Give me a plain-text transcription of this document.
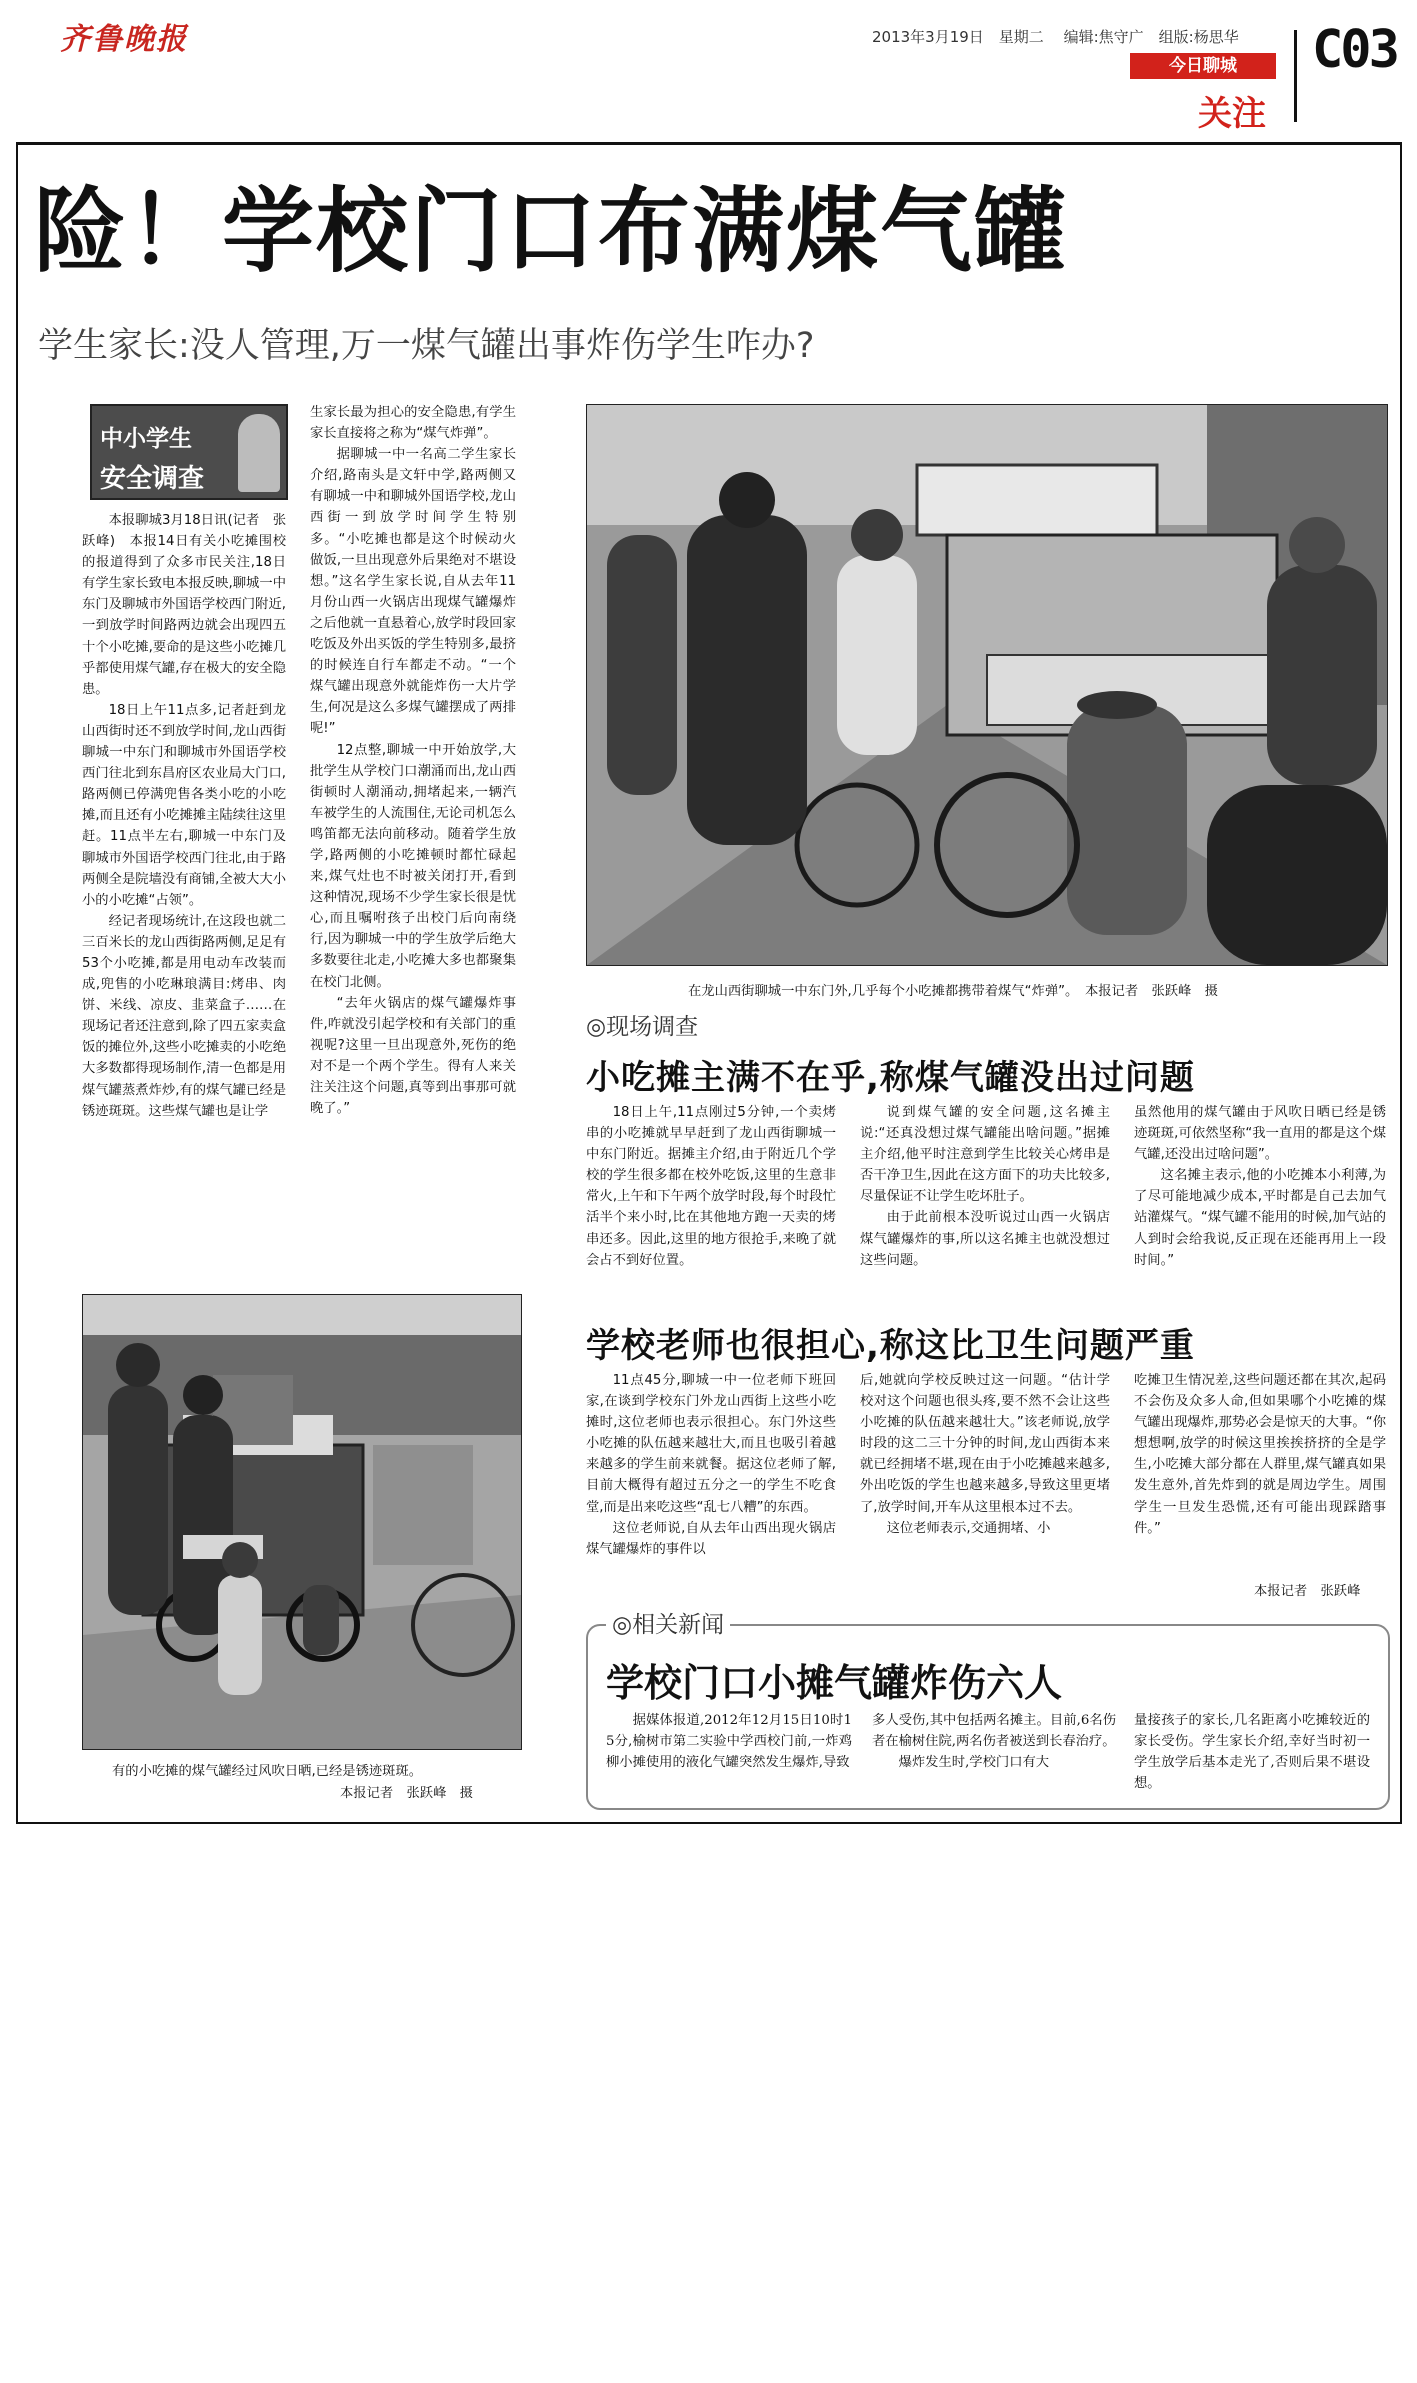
齐鲁晚报	2013年3月19日　星期二　 编辑:焦守广　组版:杨思华
今日聊城
关注
C03
险！学校门口布满煤气罐
学生家长:没人管理,万一煤气罐出事炸伤学生咋办?
中小学生
安全调查

本报聊城3月18日讯(记者　张跃峰)　本报14日有关小吃摊围校的报道得到了众多市民关注,18日有学生家长致电本报反映,聊城一中东门及聊城市外国语学校西门附近,一到放学时间路两边就会出现四五十个小吃摊,要命的是这些小吃摊几乎都使用煤气罐,存在极大的安全隐患。

18日上午11点多,记者赶到龙山西街时还不到放学时间,龙山西街聊城一中东门和聊城市外国语学校西门往北到东昌府区农业局大门口,路两侧已停满兜售各类小吃的小吃摊,而且还有小吃摊摊主陆续往这里赶。11点半左右,聊城一中东门及聊城市外国语学校西门往北,由于路两侧全是院墙没有商铺,全被大大小小的小吃摊“占领”。

经记者现场统计,在这段也就二三百米长的龙山西街路两侧,足足有53个小吃摊,都是用电动车改装而成,兜售的小吃琳琅满目:烤串、肉饼、米线、凉皮、韭菜盒子……在现场记者还注意到,除了四五家卖盒饭的摊位外,这些小吃摊卖的小吃绝大多数都得现场制作,清一色都是用煤气罐蒸煮炸炒,有的煤气罐已经是锈迹斑斑。这些煤气罐也是让学

生家长最为担心的安全隐患,有学生家长直接将之称为“煤气炸弹”。

据聊城一中一名高二学生家长介绍,路南头是文轩中学,路两侧又有聊城一中和聊城外国语学校,龙山西街一到放学时间学生特别多。“小吃摊也都是这个时候动火做饭,一旦出现意外后果绝对不堪设想。”这名学生家长说,自从去年11月份山西一火锅店出现煤气罐爆炸之后他就一直悬着心,放学时段回家吃饭及外出买饭的学生特别多,最挤的时候连自行车都走不动。“一个煤气罐出现意外就能炸伤一大片学生,何况是这么多煤气罐摆成了两排呢!”

12点整,聊城一中开始放学,大批学生从学校门口潮涌而出,龙山西街顿时人潮涌动,拥堵起来,一辆汽车被学生的人流围住,无论司机怎么鸣笛都无法向前移动。随着学生放学,路两侧的小吃摊顿时都忙碌起来,煤气灶也不时被关闭打开,看到这种情况,现场不少学生家长很是忧心,而且嘱咐孩子出校门后向南绕行,因为聊城一中的学生放学后绝大多数要往北走,小吃摊大多也都聚集在校门北侧。

“去年火锅店的煤气罐爆炸事件,咋就没引起学校和有关部门的重视呢?这里一旦出现意外,死伤的绝对不是一个两个学生。得有人来关注关注这个问题,真等到出事那可就晚了。”

在龙山西街聊城一中东门外,几乎每个小吃摊都携带着煤气“炸弹”。　本报记者　张跃峰　摄
◎现场调查
小吃摊主满不在乎,称煤气罐没出过问题

18日上午,11点刚过5分钟,一个卖烤串的小吃摊就早早赶到了龙山西街聊城一中东门附近。据摊主介绍,由于附近几个学校的学生很多都在校外吃饭,这里的生意非常火,上午和下午两个放学时段,每个时段忙活半个来小时,比在其他地方跑一天卖的烤串还多。因此,这里的地方很抢手,来晚了就会占不到好位置。

说到煤气罐的安全问题,这名摊主说:“还真没想过煤气罐能出啥问题。”据摊主介绍,他平时注意到学生比较关心烤串是否干净卫生,因此在这方面下的功夫比较多,尽量保证不让学生吃坏肚子。

由于此前根本没听说过山西一火锅店煤气罐爆炸的事,所以这名摊主也就没想过这些问题。

虽然他用的煤气罐由于风吹日晒已经是锈迹斑斑,可依然坚称“我一直用的都是这个煤气罐,还没出过啥问题”。

这名摊主表示,他的小吃摊本小利薄,为了尽可能地减少成本,平时都是自己去加气站灌煤气。“煤气罐不能用的时候,加气站的人到时会给我说,反正现在还能再用上一段时间。”

学校老师也很担心,称这比卫生问题严重

11点45分,聊城一中一位老师下班回家,在谈到学校东门外龙山西街上这些小吃摊时,这位老师也表示很担心。东门外这些小吃摊的队伍越来越壮大,而且也吸引着越来越多的学生前来就餐。据这位老师了解,目前大概得有超过五分之一的学生不吃食堂,而是出来吃这些“乱七八糟”的东西。

这位老师说,自从去年山西出现火锅店煤气罐爆炸的事件以

后,她就向学校反映过这一问题。“估计学校对这个问题也很头疼,要不然不会让这些小吃摊的队伍越来越壮大。”该老师说,放学时段的这二三十分钟的时间,龙山西街本来就已经拥堵不堪,现在由于小吃摊越来越多,外出吃饭的学生也越来越多,导致这里更堵了,放学时间,开车从这里根本过不去。

这位老师表示,交通拥堵、小

吃摊卫生情况差,这些问题还都在其次,起码不会伤及众多人命,但如果哪个小吃摊的煤气罐出现爆炸,那势必会是惊天的大事。“你想想啊,放学的时候这里挨挨挤挤的全是学生,小吃摊大部分都在人群里,煤气罐真如果发生意外,首先炸到的就是周边学生。周围学生一旦发生恐慌,还有可能出现踩踏事件。”

本报记者　张跃峰
有的小吃摊的煤气罐经过风吹日晒,已经是锈迹斑斑。
本报记者　张跃峰　摄
◎相关新闻
学校门口小摊气罐炸伤六人

据媒体报道,2012年12月15日10时15分,榆树市第二实验中学西校门前,一炸鸡柳小摊使用的液化气罐突然发生爆炸,导致

多人受伤,其中包括两名摊主。目前,6名伤者在榆树住院,两名伤者被送到长春治疗。

爆炸发生时,学校门口有大

量接孩子的家长,几名距离小吃摊较近的家长受伤。学生家长介绍,幸好当时初一学生放学后基本走光了,否则后果不堪设想。
